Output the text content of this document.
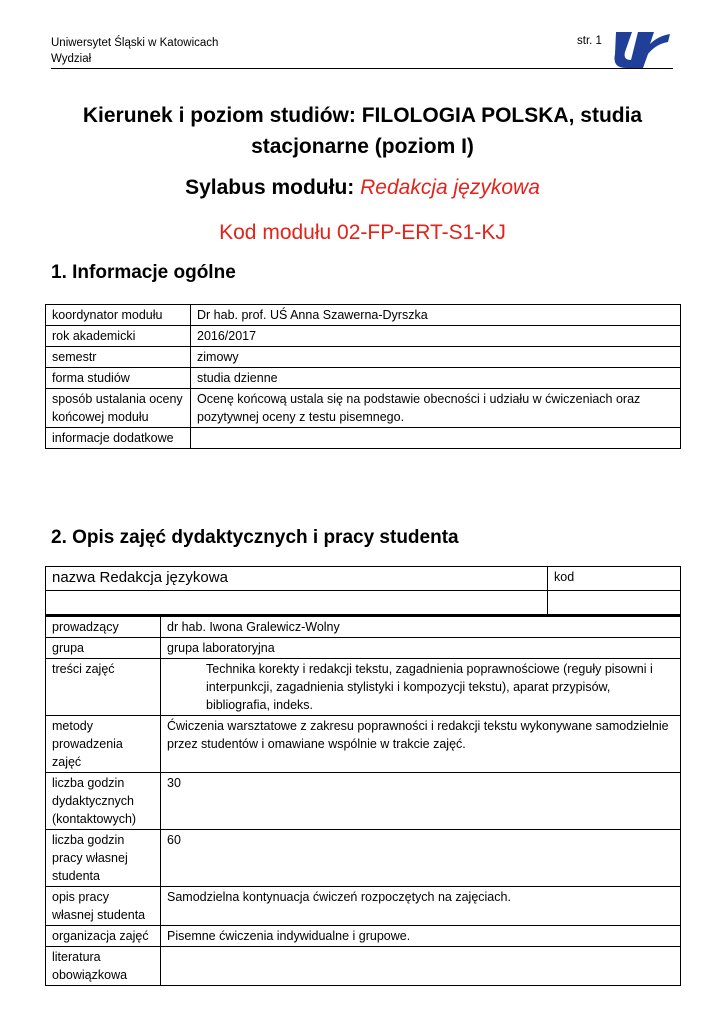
Uniwersytet Śląski w Katowicach
Wydział
str. 1
Kierunek i poziom studiów: FILOLOGIA POLSKA, studia
stacjonarne (poziom I)
Sylabus modułu: Redakcja językowa
Kod modułu 02-FP-ERT-S1-KJ
1. Informacje ogólne
koordynator modułu	Dr hab. prof. UŚ Anna Szawerna-Dyrszka
rok akademicki	2016/2017
semestr	zimowy
forma studiów	studia dzienne
sposób ustalania oceny końcowej modułu	Ocenę końcową ustala się na podstawie obecności i udziału w ćwiczeniach oraz pozytywnej oceny z testu pisemnego.
informacje dodatkowe	
2. Opis zajęć dydaktycznych i pracy studenta
nazwa Redakcja językowa	kod

prowadzący	dr hab. Iwona Gralewicz-Wolny
grupa	grupa laboratoryjna
treści zajęć	Technika korekty i redakcji tekstu, zagadnienia poprawnościowe (reguły pisowni i interpunkcji, zagadnienia stylistyki i kompozycji tekstu), aparat przypisów, bibliografia, indeks.
metody prowadzenia zajęć	Ćwiczenia warsztatowe z zakresu poprawności i redakcji tekstu wykonywane samodzielnie przez studentów i omawiane wspólnie w trakcie zajęć.
liczba godzin dydaktycznych (kontaktowych)	30
liczba godzin pracy własnej studenta	60
opis pracy własnej studenta	Samodzielna kontynuacja ćwiczeń rozpoczętych na zajęciach.
organizacja zajęć	Pisemne ćwiczenia indywidualne i grupowe.
literatura obowiązkowa	
